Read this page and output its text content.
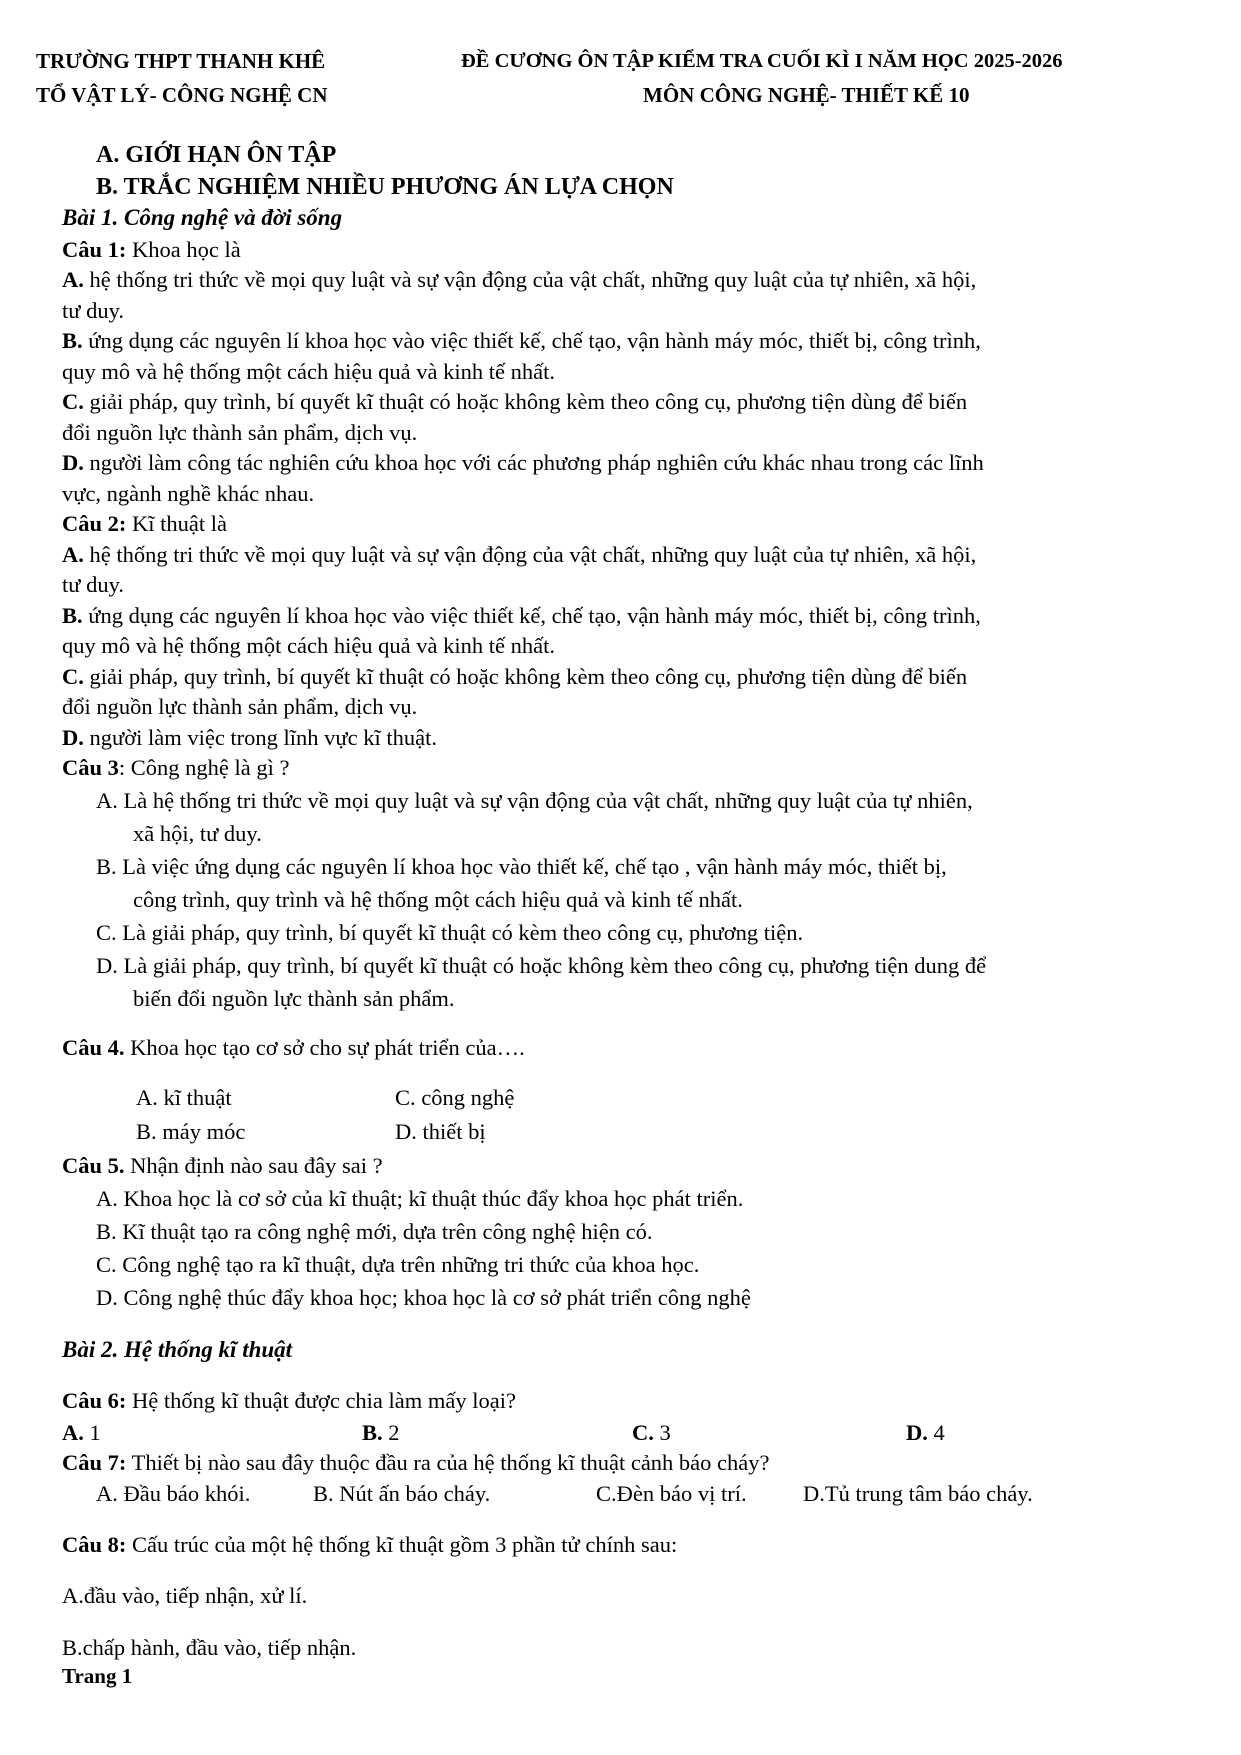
TRƯỜNG THPT THANH KHÊ
TỔ VẬT LÝ- CÔNG NGHỆ CN
ĐỀ CƯƠNG ÔN TẬP KIỂM TRA CUỐI KÌ I NĂM HỌC 2025-2026
MÔN CÔNG NGHỆ- THIẾT KẾ 10
A. GIỚI HẠN ÔN TẬP
B. TRẮC NGHIỆM NHIỀU PHƯƠNG ÁN LỰA CHỌN
Bài 1. Công nghệ và đời sống
Câu 1: Khoa học là
A. hệ thống tri thức về mọi quy luật và sự vận động của vật chất, những quy luật của tự nhiên, xã hội,
tư duy.
B. ứng dụng các nguyên lí khoa học vào việc thiết kế, chế tạo, vận hành máy móc, thiết bị, công trình,
quy mô và hệ thống một cách hiệu quả và kinh tế nhất.
C. giải pháp, quy trình, bí quyết kĩ thuật có hoặc không kèm theo công cụ, phương tiện dùng để biến
đổi nguồn lực thành sản phẩm, dịch vụ.
D. người làm công tác nghiên cứu khoa học với các phương pháp nghiên cứu khác nhau trong các lĩnh
vực, ngành nghề khác nhau.
Câu 2: Kĩ thuật là
A. hệ thống tri thức về mọi quy luật và sự vận động của vật chất, những quy luật của tự nhiên, xã hội,
tư duy.
B. ứng dụng các nguyên lí khoa học vào việc thiết kế, chế tạo, vận hành máy móc, thiết bị, công trình,
quy mô và hệ thống một cách hiệu quả và kinh tế nhất.
C. giải pháp, quy trình, bí quyết kĩ thuật có hoặc không kèm theo công cụ, phương tiện dùng để biến
đổi nguồn lực thành sản phẩm, dịch vụ.
D. người làm việc trong lĩnh vực kĩ thuật.
Câu 3: Công nghệ là gì ?
A. Là hệ thống tri thức về mọi quy luật và sự vận động của vật chất, những quy luật của tự nhiên,
xã hội, tư duy.
B. Là việc ứng dụng các nguyên lí khoa học vào thiết kế, chế tạo , vận hành máy móc, thiết bị,
công trình, quy trình và hệ thống một cách hiệu quả và kinh tế nhất.
C. Là giải pháp, quy trình, bí quyết kĩ thuật có kèm theo công cụ, phương tiện.
D. Là giải pháp, quy trình, bí quyết kĩ thuật có hoặc không kèm theo công cụ, phương tiện dung để
biến đổi nguồn lực thành sản phẩm.
Câu 4. Khoa học tạo cơ sở cho sự phát triển của….
A. kĩ thuật	C. công nghệ
B. máy móc	D. thiết bị
Câu 5. Nhận định nào sau đây sai ?
A. Khoa học là cơ sở của kĩ thuật; kĩ thuật thúc đẩy khoa học phát triển.
B. Kĩ thuật tạo ra công nghệ mới, dựa trên công nghệ hiện có.
C. Công nghệ tạo ra kĩ thuật, dựa trên những tri thức của khoa học.
D. Công nghệ thúc đẩy khoa học; khoa học là cơ sở phát triển công nghệ
Bài 2. Hệ thống kĩ thuật
Câu 6: Hệ thống kĩ thuật được chia làm mấy loại?
A. 1	B. 2	C. 3	D. 4
Câu 7: Thiết bị nào sau đây thuộc đầu ra của hệ thống kĩ thuật cảnh báo cháy?
A. Đầu báo khói.	B. Nút ấn báo cháy.	C.Đèn báo vị trí.	D.Tủ trung tâm báo cháy.
Câu 8: Cấu trúc của một hệ thống kĩ thuật gồm 3 phần tử chính sau:
A.đầu vào, tiếp nhận, xử lí.
B.chấp hành, đầu vào, tiếp nhận.
Trang 1
